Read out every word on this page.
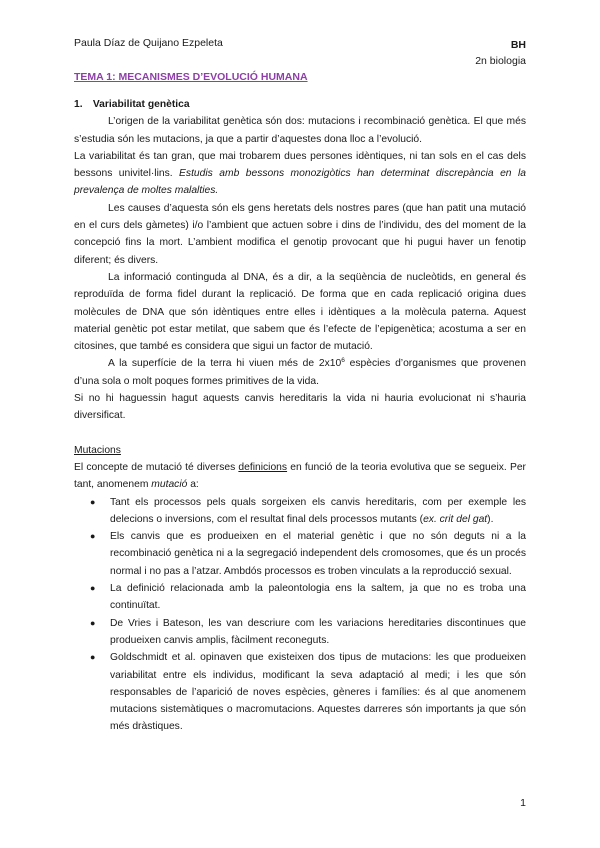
Paula Díaz de Quijano Ezpeleta	BH
2n biologia
TEMA 1: MECANISMES D’EVOLUCIÓ HUMANA

1. Variabilitat genètica

L’origen de la variabilitat genètica són dos: mutacions i recombinació genètica. El que més s’estudia són les mutacions, ja que a partir d’aquestes dona lloc a l’evolució.

La variabilitat és tan gran, que mai trobarem dues persones idèntiques, ni tan sols en el cas dels bessons univitel·lins. Estudis amb bessons monozigòtics han determinat discrepància en la prevalença de moltes malalties.

Les causes d’aquesta són els gens heretats dels nostres pares (que han patit una mutació en el curs dels gàmetes) i/o l’ambient que actuen sobre i dins de l’individu, des del moment de la concepció fins la mort. L’ambient modifica el genotip provocant que hi pugui haver un fenotip diferent; és divers.

La informació continguda al DNA, és a dir, a la seqüència de nucleòtids, en general és reproduïda de forma fidel durant la replicació. De forma que en cada replicació origina dues molècules de DNA que són idèntiques entre elles i idèntiques a la molècula paterna. Aquest material genètic pot estar metilat, que sabem que és l’efecte de l’epigenètica; acostuma a ser en citosines, que també es considera que sigui un factor de mutació.

A la superfície de la terra hi viuen més de $2x10^6$ espècies d’organismes que provenen d’una sola o molt poques formes primitives de la vida.

Si no hi haguessin hagut aquests canvis hereditaris la vida ni hauria evolucionat ni s’hauria diversificat.

Mutacions

El concepte de mutació té diverses definicions en funció de la teoria evolutiva que se segueix. Per tant, anomenem mutació a:

● Tant els processos pels quals sorgeixen els canvis hereditaris, com per exemple les delecions o inversions, com el resultat final dels processos mutants (ex. crit del gat).
● Els canvis que es produeixen en el material genètic i que no són deguts ni a la recombinació genètica ni a la segregació independent dels cromosomes, que és un procés normal i no pas a l’atzar. Ambdós processos es troben vinculats a la reproducció sexual.
● La definició relacionada amb la paleontologia ens la saltem, ja que no es troba una continuïtat.
● De Vries i Bateson, les van descriure com les variacions hereditaries discontinues que produeixen canvis amplis, fàcilment reconeguts.
● Goldschmidt et al. opinaven que existeixen dos tipus de mutacions: les que produeixen variabilitat entre els individus, modificant la seva adaptació al medi; i les que són responsables de l’aparició de noves espècies, gèneres i famílies: és al que anomenem mutacions sistemàtiques o macromutacions. Aquestes darreres són importants ja que són més dràstiques.
1
